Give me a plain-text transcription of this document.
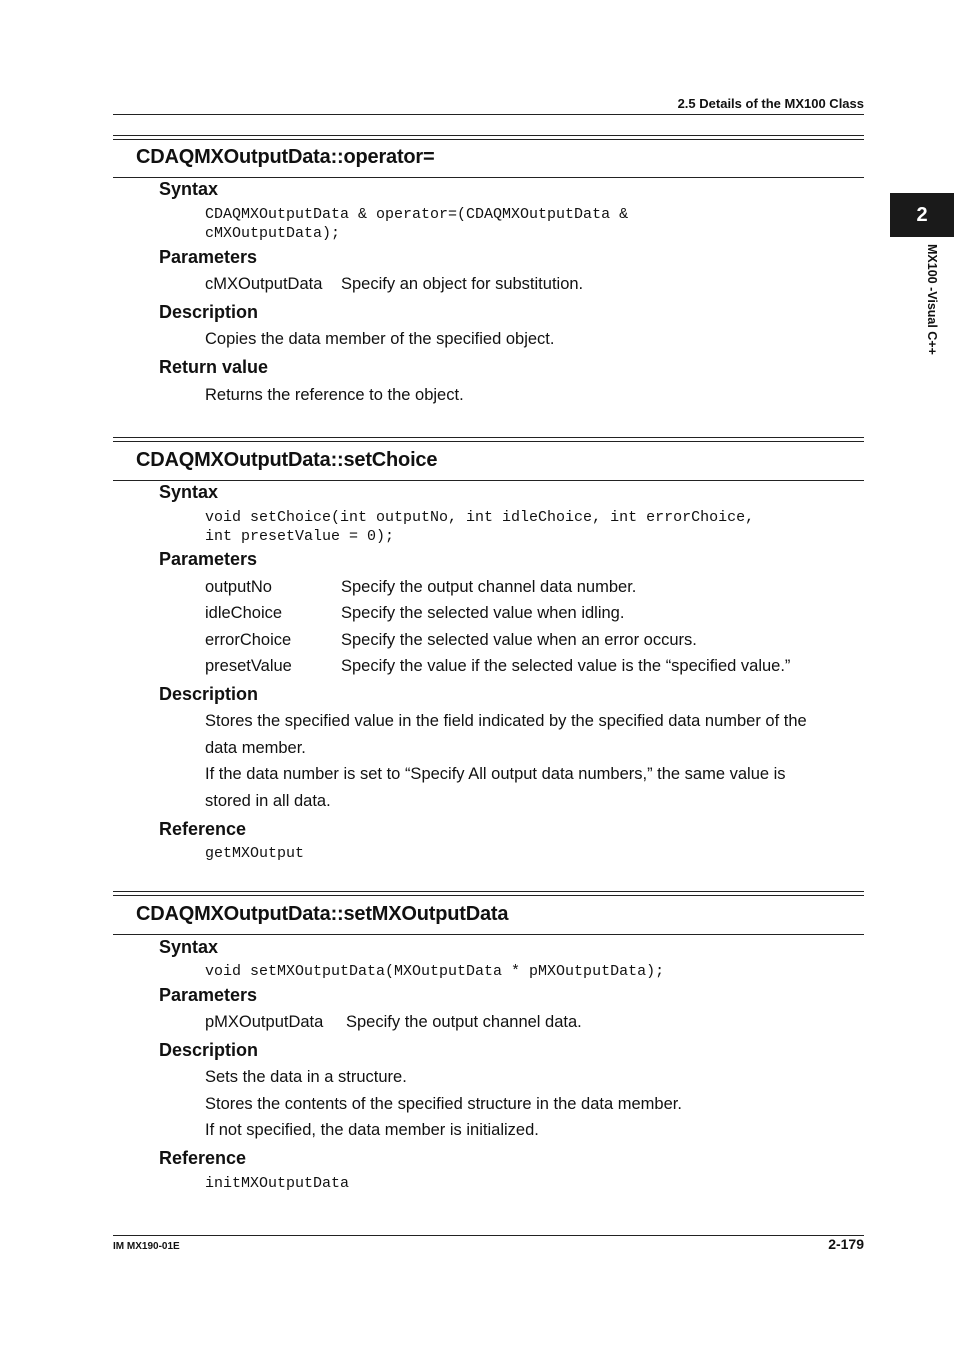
2.5 Details of the MX100 Class
2
MX100 -Visual C++
CDAQMXOutputData::operator=
Syntax
CDAQMXOutputData & operator=(CDAQMXOutputData &
cMXOutputData);
Parameters
cMXOutputData Specify an object for substitution.
Description
Copies the data member of the specified object.
Return value
Returns the reference to the object.
CDAQMXOutputData::setChoice
Syntax
void setChoice(int outputNo, int idleChoice, int errorChoice,
int presetValue = 0);
Parameters
outputNo	Specify the output channel data number.
idleChoice	Specify the selected value when idling.
errorChoice	Specify the selected value when an error occurs.
presetValue	Specify the value if the selected value is the “specified value.”
Description
Stores the specified value in the field indicated by the specified data number of the
data member.
If the data number is set to “Specify All output data numbers,” the same value is
stored in all data.
Reference
getMXOutput
CDAQMXOutputData::setMXOutputData
Syntax
void setMXOutputData(MXOutputData * pMXOutputData);
Parameters
pMXOutputData Specify the output channel data.
Description
Sets the data in a structure.
Stores the contents of the specified structure in the data member.
If not specified, the data member is initialized.
Reference
initMXOutputData
2-179
IM MX190-01E
